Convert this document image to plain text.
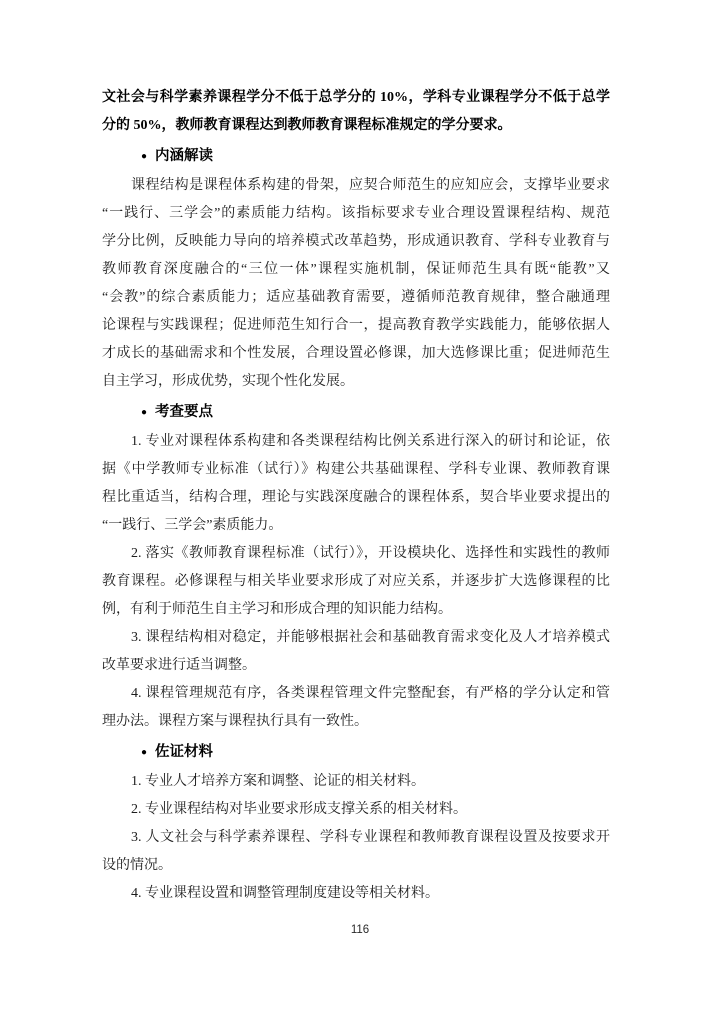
文社会与科学素养课程学分不低于总学分的 10%，学科专业课程学分不低于总学
分的 50%，教师教育课程达到教师教育课程标准规定的学分要求。
● 内涵解读
课程结构是课程体系构建的骨架，应契合师范生的应知应会，支撑毕业要求
“一践行、三学会”的素质能力结构。该指标要求专业合理设置课程结构、规范
学分比例，反映能力导向的培养模式改革趋势，形成通识教育、学科专业教育与
教师教育深度融合的“三位一体”课程实施机制，保证师范生具有既“能教”又
“会教”的综合素质能力；适应基础教育需要，遵循师范教育规律，整合融通理
论课程与实践课程；促进师范生知行合一，提高教育教学实践能力，能够依据人
才成长的基础需求和个性发展，合理设置必修课，加大选修课比重；促进师范生
自主学习，形成优势，实现个性化发展。
● 考查要点
1. 专业对课程体系构建和各类课程结构比例关系进行深入的研讨和论证，依
据《中学教师专业标准（试行）》构建公共基础课程、学科专业课、教师教育课
程比重适当，结构合理，理论与实践深度融合的课程体系，契合毕业要求提出的
“一践行、三学会”素质能力。
2. 落实《教师教育课程标准（试行）》，开设模块化、选择性和实践性的教师
教育课程。必修课程与相关毕业要求形成了对应关系，并逐步扩大选修课程的比
例，有利于师范生自主学习和形成合理的知识能力结构。
3. 课程结构相对稳定，并能够根据社会和基础教育需求变化及人才培养模式
改革要求进行适当调整。
4. 课程管理规范有序，各类课程管理文件完整配套，有严格的学分认定和管
理办法。课程方案与课程执行具有一致性。
● 佐证材料
1. 专业人才培养方案和调整、论证的相关材料。
2. 专业课程结构对毕业要求形成支撑关系的相关材料。
3. 人文社会与科学素养课程、学科专业课程和教师教育课程设置及按要求开
设的情况。
4. 专业课程设置和调整管理制度建设等相关材料。
116
